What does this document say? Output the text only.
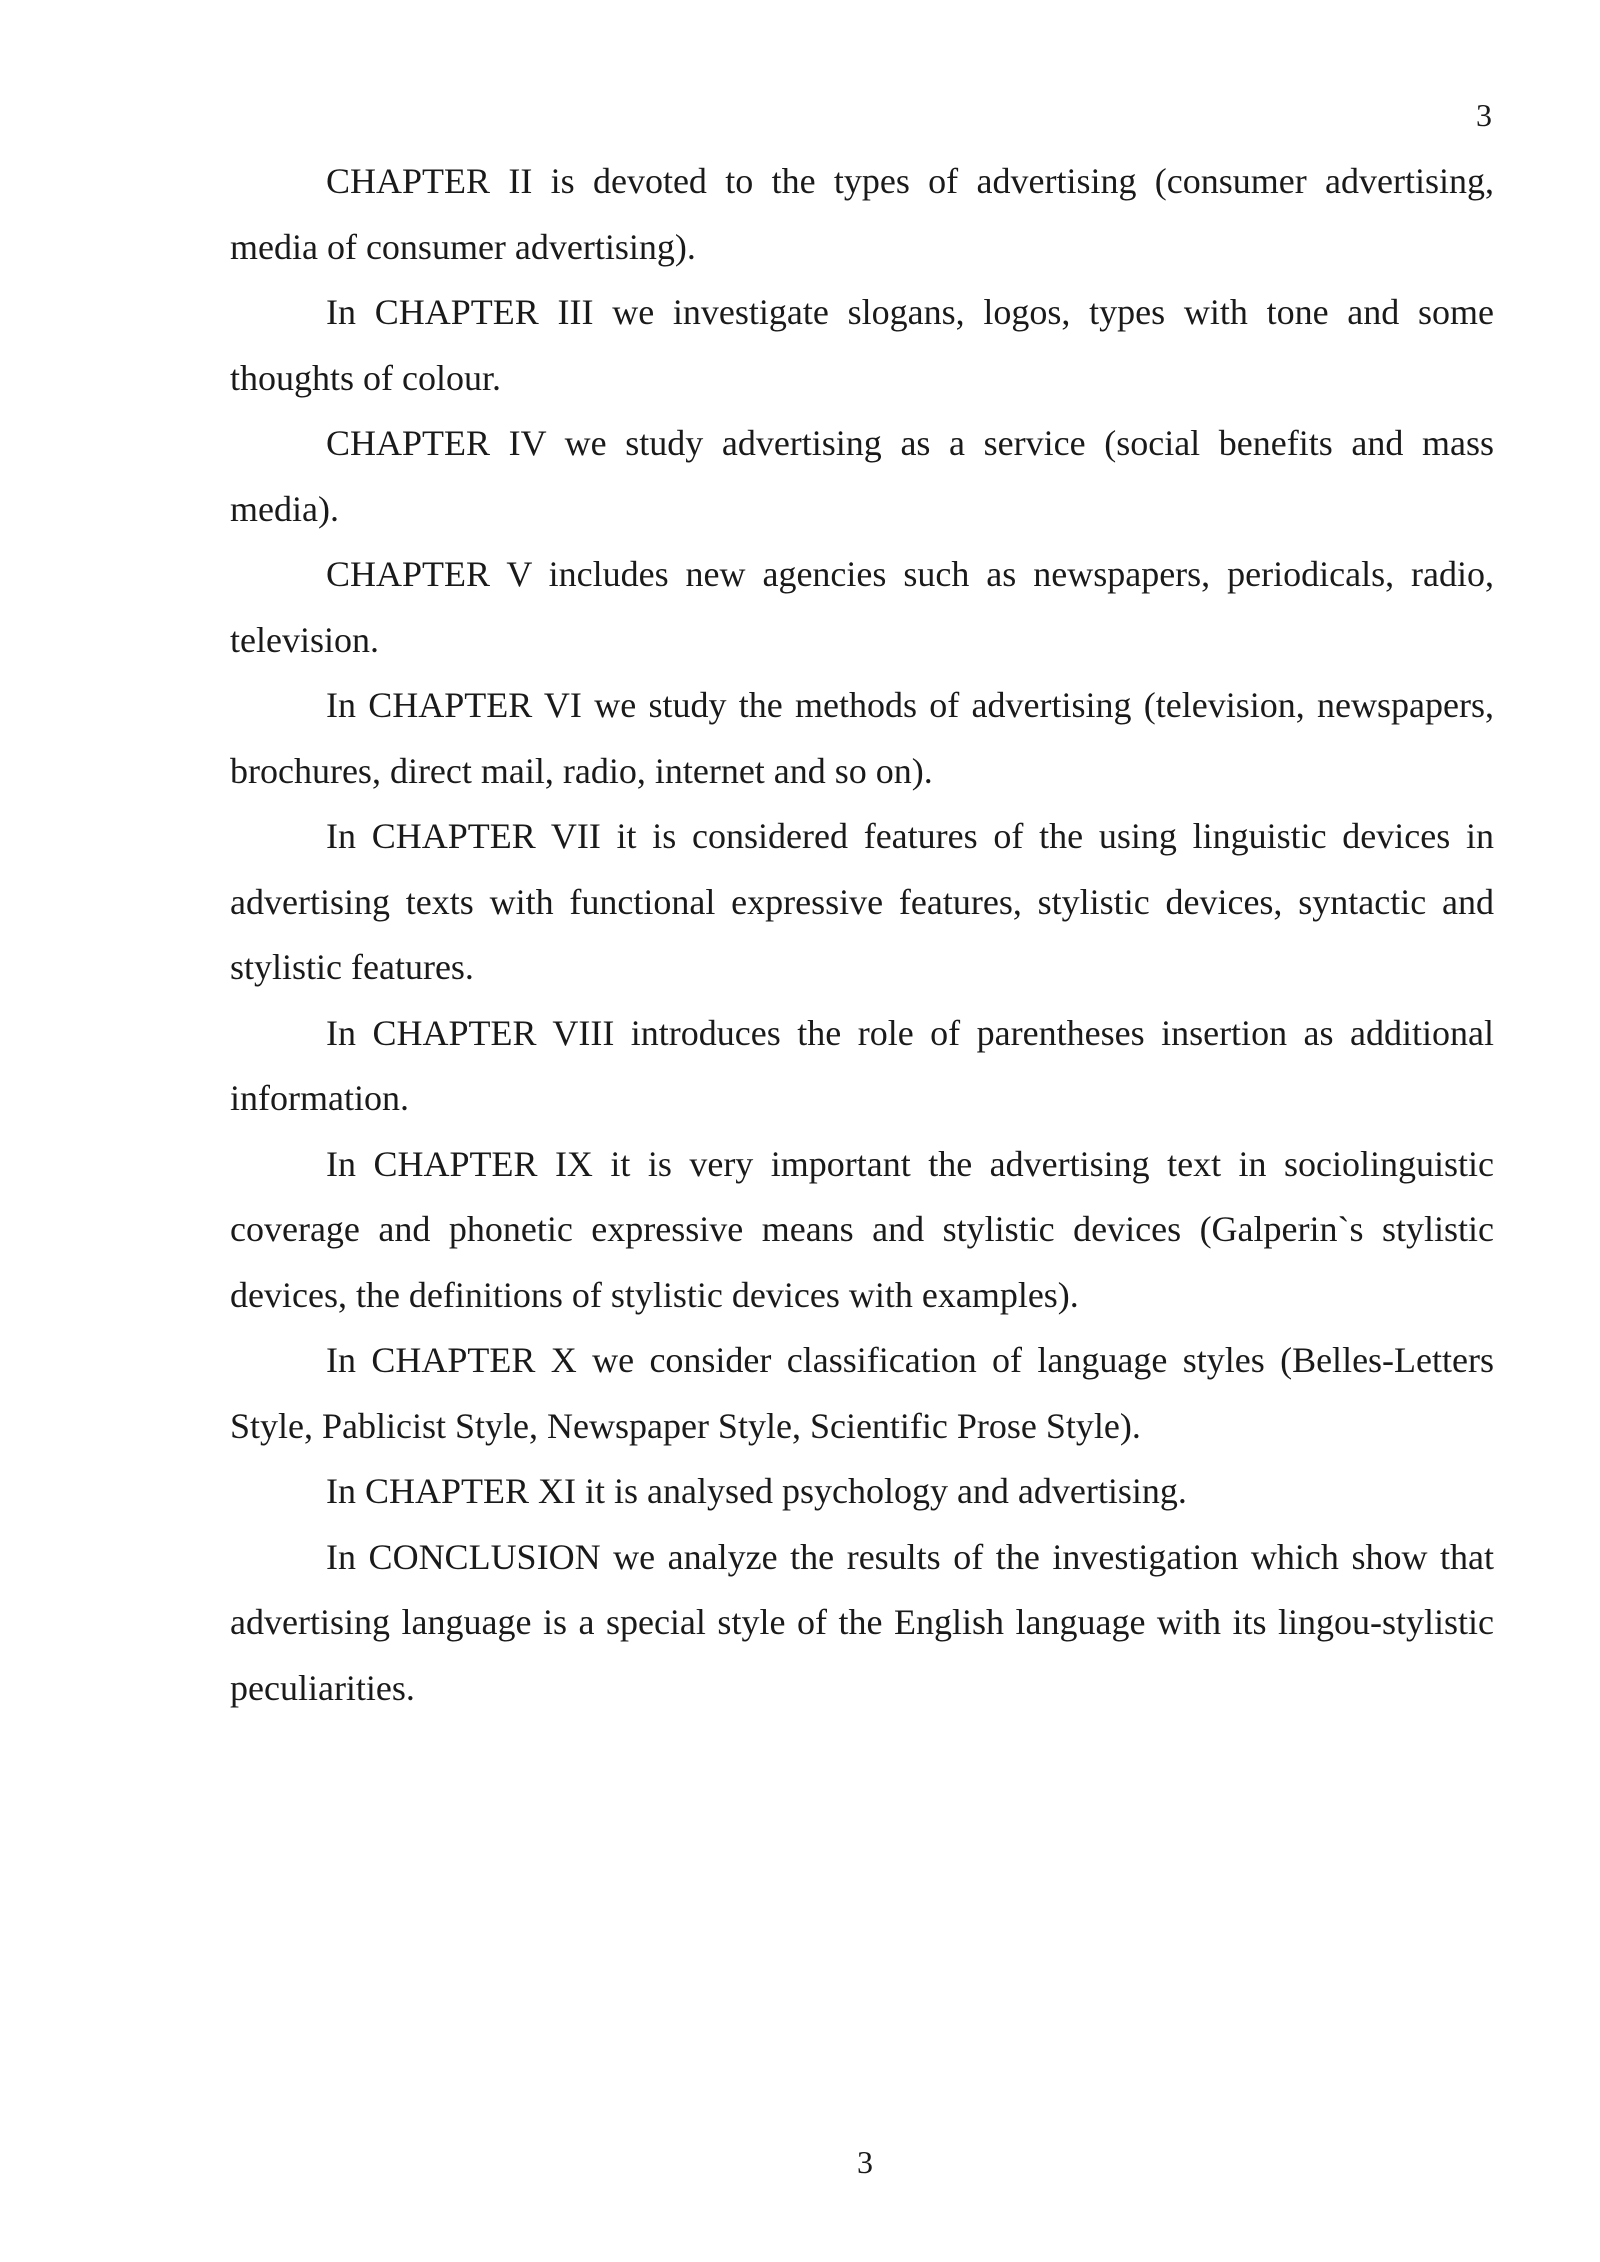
3

CHAPTER II is devoted to the types of advertising (consumer advertising, media of consumer advertising).

In CHAPTER III we investigate slogans, logos, types with tone and some thoughts of colour.

CHAPTER IV we study advertising as a service (social benefits and mass media).

CHAPTER V includes new agencies such as newspapers, periodicals, radio, television.

In CHAPTER VI we study the methods of advertising (television, newspapers, brochures, direct mail, radio, internet and so on).

In CHAPTER VII it is considered features of the using linguistic devices in advertising texts with functional expressive features, stylistic devices, syntactic and stylistic features.

In CHAPTER VIII introduces the role of parentheses insertion as additional information.

In CHAPTER IX it is very important the advertising text in sociolinguistic coverage and phonetic expressive means and stylistic devices (Galperin`s stylistic devices, the definitions of stylistic devices with examples).

In CHAPTER X we consider classification of language styles (Belles-Letters Style, Pablicist Style, Newspaper Style, Scientific Prose Style).

In CHAPTER XI it is analysed psychology and advertising.

In CONCLUSION we analyze the results of the investigation which show that advertising language is a special style of the English language with its lingou-stylistic peculiarities.

3
